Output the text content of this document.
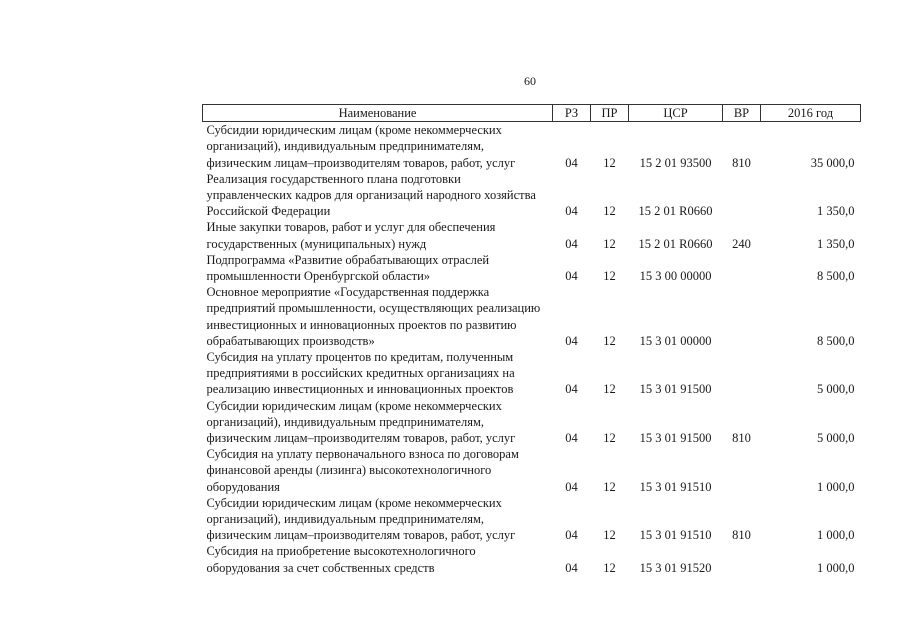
60
Наименование	РЗ	ПР	ЦСР	ВР	2016 год

Субсидии юридическим лицам (кроме некоммерческих
организаций), индивидуальным предпринимателям,
физическим лицам–производителям товаров, работ, услуг	04	12	15 2 01 93500	810	35 000,0

Реализация государственного плана подготовки
управленческих кадров для организаций народного хозяйства
Российской Федерации	04	12	15 2 01 R0660		1 350,0

Иные закупки товаров, работ и услуг для обеспечения
государственных (муниципальных) нужд	04	12	15 2 01 R0660	240	1 350,0

Подпрограмма «Развитие обрабатывающих отраслей
промышленности Оренбургской области»	04	12	15 3 00 00000		8 500,0

Основное мероприятие «Государственная поддержка
предприятий промышленности, осуществляющих реализацию
инвестиционных и инновационных проектов по развитию
обрабатывающих производств»	04	12	15 3 01 00000		8 500,0

Субсидия на уплату процентов по кредитам, полученным
предприятиями в российских кредитных организациях на
реализацию инвестиционных и инновационных проектов	04	12	15 3 01 91500		5 000,0

Субсидии юридическим лицам (кроме некоммерческих
организаций), индивидуальным предпринимателям,
физическим лицам–производителям товаров, работ, услуг	04	12	15 3 01 91500	810	5 000,0

Субсидия на уплату первоначального взноса по договорам
финансовой аренды (лизинга) высокотехнологичного
оборудования	04	12	15 3 01 91510		1 000,0

Субсидии юридическим лицам (кроме некоммерческих
организаций), индивидуальным предпринимателям,
физическим лицам–производителям товаров, работ, услуг	04	12	15 3 01 91510	810	1 000,0

Субсидия на приобретение высокотехнологичного
оборудования за счет собственных средств	04	12	15 3 01 91520		1 000,0
